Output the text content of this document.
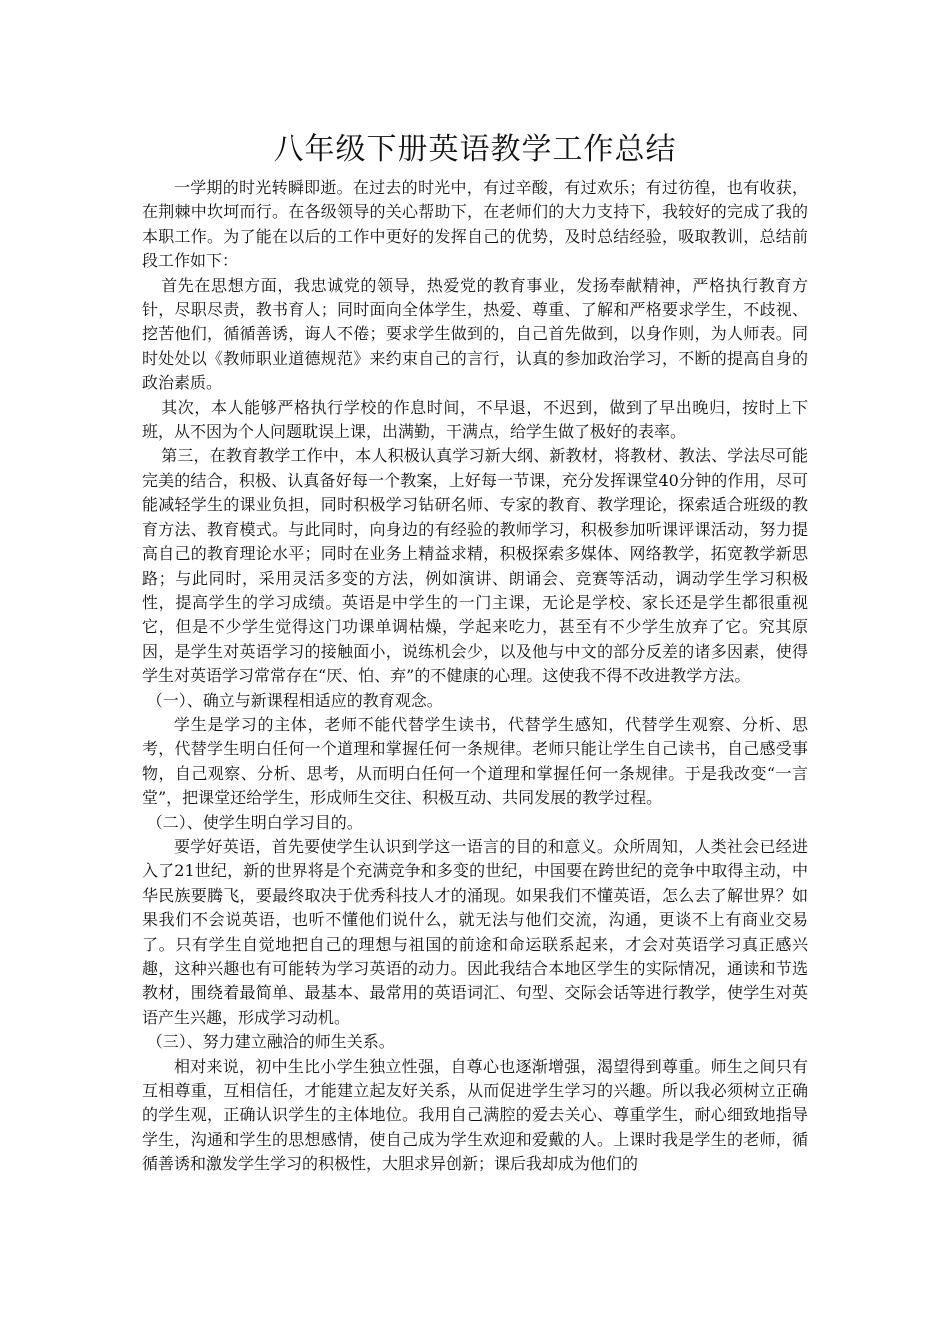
八年级下册英语教学工作总结

一学期的时光转瞬即逝。在过去的时光中，有过辛酸，有过欢乐；有过彷徨，也有收获，在荆棘中坎坷而行。在各级领导的关心帮助下，在老师们的大力支持下，我较好的完成了我的本职工作。为了能在以后的工作中更好的发挥自己的优势，及时总结经验，吸取教训，总结前段工作如下：

首先在思想方面，我忠诚党的领导，热爱党的教育事业，发扬奉献精神，严格执行教育方针，尽职尽责，教书育人；同时面向全体学生，热爱、尊重、了解和严格要求学生，不歧视、挖苦他们，循循善诱，诲人不倦；要求学生做到的，自己首先做到，以身作则，为人师表。同时处处以《教师职业道德规范》来约束自己的言行，认真的参加政治学习，不断的提高自身的政治素质。

其次，本人能够严格执行学校的作息时间，不早退，不迟到，做到了早出晚归，按时上下班，从不因为个人问题耽误上课，出满勤，干满点，给学生做了极好的表率。

第三，在教育教学工作中，本人积极认真学习新大纲、新教材，将教材、教法、学法尽可能完美的结合，积极、认真备好每一个教案，上好每一节课，充分发挥课堂40分钟的作用，尽可能减轻学生的课业负担，同时积极学习钻研名师、专家的教育、教学理论，探索适合班级的教育方法、教育模式。与此同时，向身边的有经验的教师学习，积极参加听课评课活动，努力提高自己的教育理论水平；同时在业务上精益求精，积极探索多媒体、网络教学，拓宽教学新思路；与此同时，采用灵活多变的方法，例如演讲、朗诵会、竞赛等活动，调动学生学习积极性，提高学生的学习成绩。英语是中学生的一门主课，无论是学校、家长还是学生都很重视它，但是不少学生觉得这门功课单调枯燥，学起来吃力，甚至有不少学生放弃了它。究其原因，是学生对英语学习的接触面小，说练机会少，以及他与中文的部分反差的诸多因素，使得学生对英语学习常常存在“厌、怕、弃”的不健康的心理。这使我不得不改进教学方法。

（一）、确立与新课程相适应的教育观念。

学生是学习的主体，老师不能代替学生读书，代替学生感知，代替学生观察、分析、思考，代替学生明白任何一个道理和掌握任何一条规律。老师只能让学生自己读书，自己感受事物，自己观察、分析、思考，从而明白任何一个道理和掌握任何一条规律。于是我改变“一言堂”，把课堂还给学生，形成师生交往、积极互动、共同发展的教学过程。

（二）、使学生明白学习目的。

要学好英语，首先要使学生认识到学这一语言的目的和意义。众所周知，人类社会已经进入了21世纪，新的世界将是个充满竞争和多变的世纪，中国要在跨世纪的竞争中取得主动，中华民族要腾飞，要最终取决于优秀科技人才的涌现。如果我们不懂英语，怎么去了解世界？如果我们不会说英语，也听不懂他们说什么，就无法与他们交流，沟通，更谈不上有商业交易了。只有学生自觉地把自己的理想与祖国的前途和命运联系起来，才会对英语学习真正感兴趣，这种兴趣也有可能转为学习英语的动力。因此我结合本地区学生的实际情况，通读和节选教材，围绕着最简单、最基本、最常用的英语词汇、句型、交际会话等进行教学，使学生对英语产生兴趣，形成学习动机。

（三）、努力建立融洽的师生关系。

相对来说，初中生比小学生独立性强，自尊心也逐渐增强，渴望得到尊重。师生之间只有互相尊重，互相信任，才能建立起友好关系，从而促进学生学习的兴趣。所以我必须树立正确的学生观，正确认识学生的主体地位。我用自己满腔的爱去关心、尊重学生，耐心细致地指导学生，沟通和学生的思想感情，使自己成为学生欢迎和爱戴的人。上课时我是学生的老师，循循善诱和激发学生学习的积极性，大胆求异创新；课后我却成为他们的
